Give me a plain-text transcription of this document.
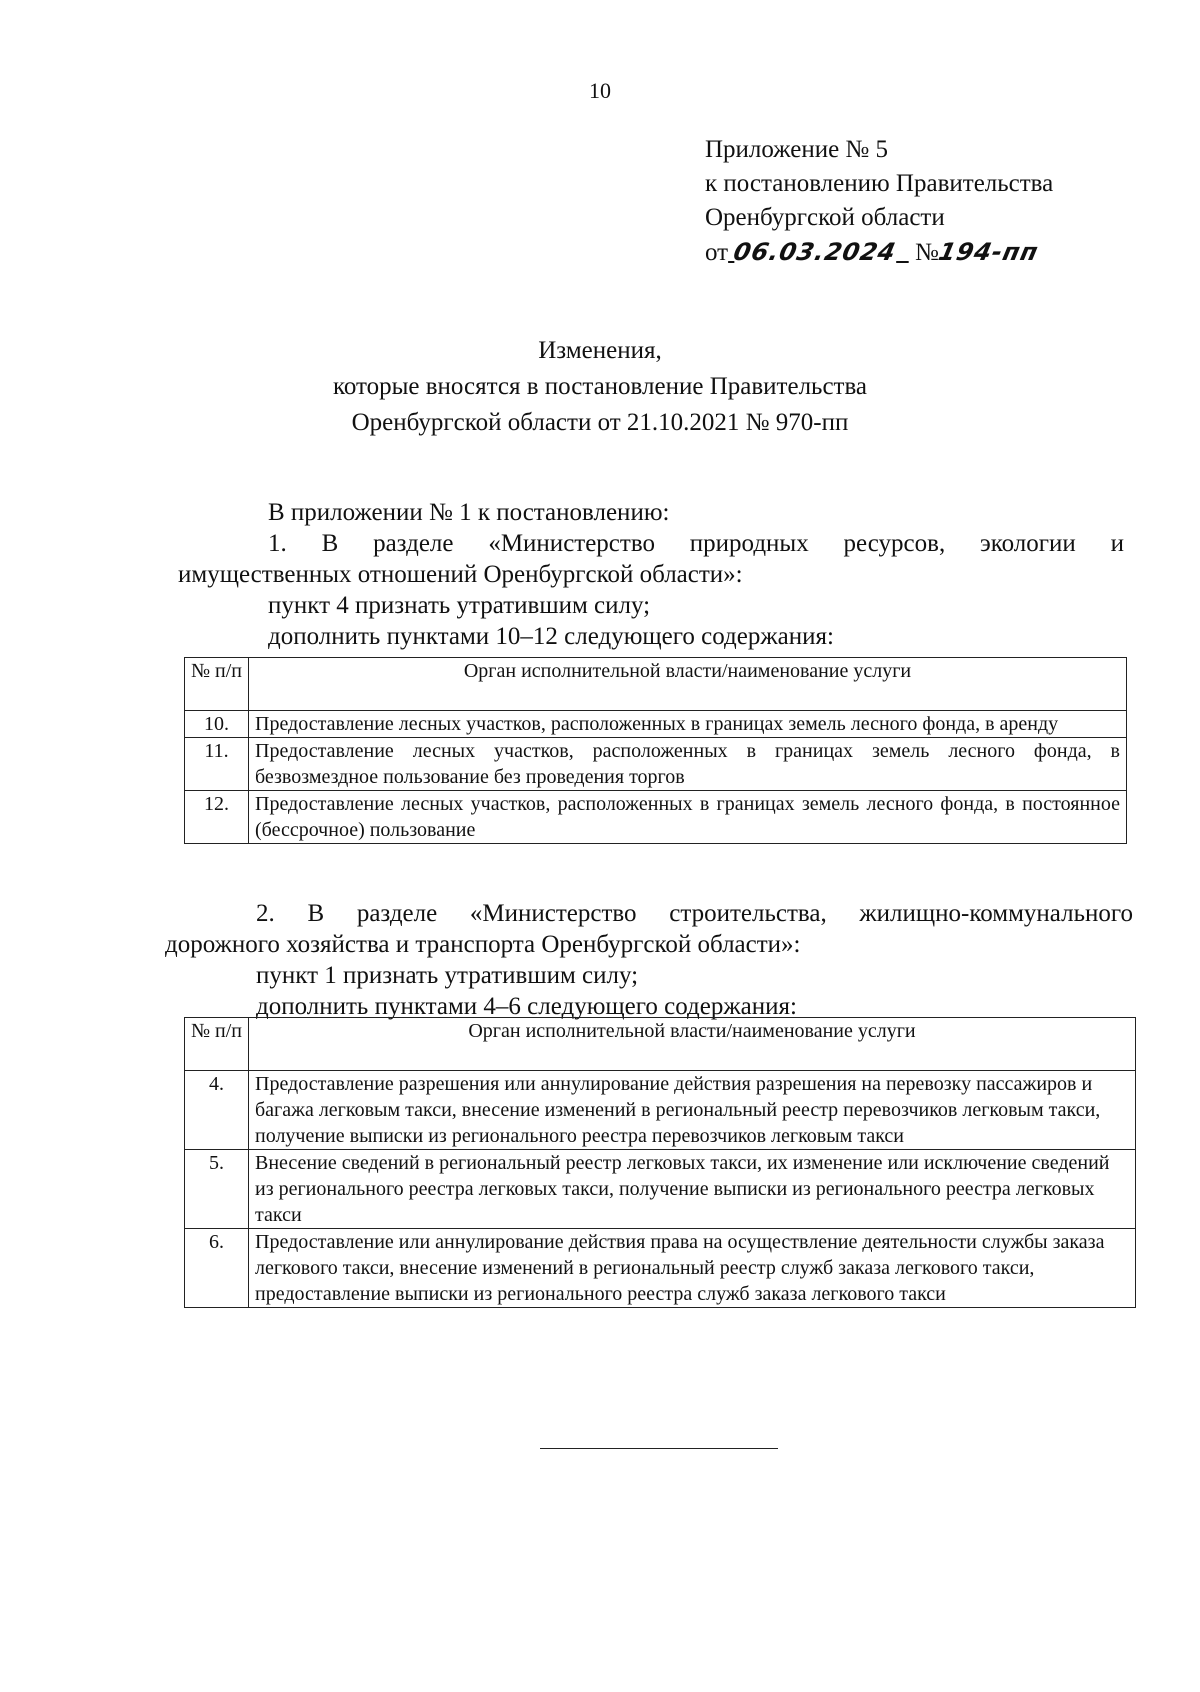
10
Приложение № 5
к постановлению Правительства
Оренбургской области
от 06.03.2024 №194-пп
Изменения,
которые вносятся в постановление Правительства
Оренбургской области от 21.10.2021 № 970-пп
В приложении № 1 к постановлению:
1. В разделе «Министерство природных ресурсов, экологии и
имущественных отношений Оренбургской области»:
пункт 4 признать утратившим силу;
дополнить пунктами 10–12 следующего содержания:
№ п/п	Орган исполнительной власти/наименование услуги
10.	Предоставление лесных участков, расположенных в границах земель лесного фонда, в аренду
11.	Предоставление лесных участков, расположенных в границах земель лесного фонда, в безвозмездное пользование без проведения торгов
12.	Предоставление лесных участков, расположенных в границах земель лесного фонда, в постоянное (бессрочное) пользование
2. В разделе «Министерство строительства, жилищно-коммунального
дорожного хозяйства и транспорта Оренбургской области»:
пункт 1 признать утратившим силу;
дополнить пунктами 4–6 следующего содержания:
№ п/п	Орган исполнительной власти/наименование услуги
4.	Предоставление разрешения или аннулирование действия разрешения на перевозку пассажиров и багажа легковым такси, внесение изменений в региональный реестр перевозчиков легковым такси, получение выписки из регионального реестра перевозчиков легковым такси
5.	Внесение сведений в региональный реестр легковых такси, их изменение или исключение сведений из регионального реестра легковых такси, получение выписки из регионального реестра легковых такси
6.	Предоставление или аннулирование действия права на осуществление деятельности службы заказа легкового такси, внесение изменений в региональный реестр служб заказа легкового такси, предоставление выписки из регионального реестра служб заказа легкового такси
